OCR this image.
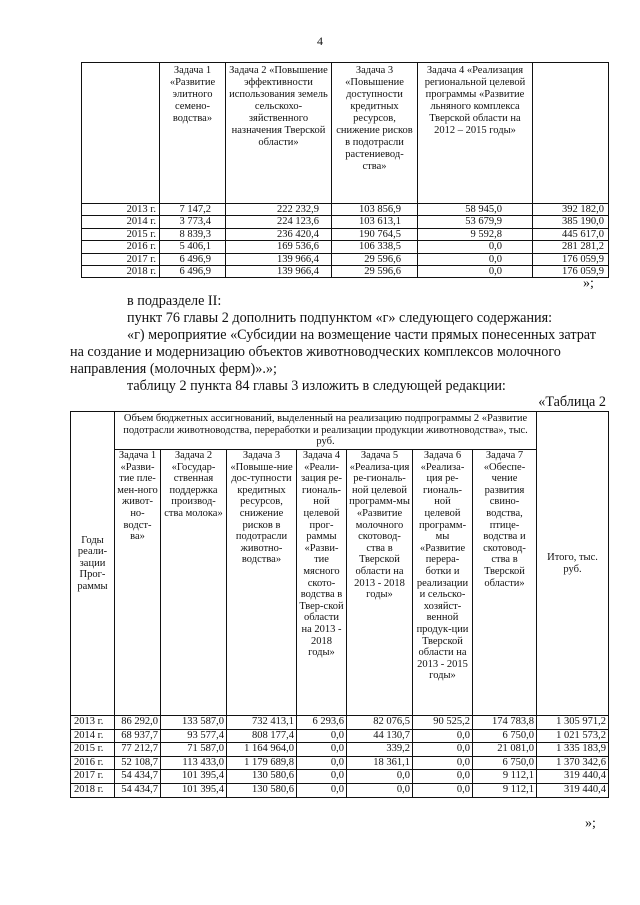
4
	Задача 1 «Развитие элитного семено-водства»	Задача 2 «Повышение эффективности использования земель сельскохо-зяйственного назначения Тверской области»	Задача 3 «Повышение доступности кредитных ресурсов, снижение рисков в подотрасли растениевод-ства»	Задача 4 «Реализация региональной целевой программы «Развитие льняного комплекса Тверской области на 2012 – 2015 годы»	
2013 г.	7 147,2	222 232,9	103 856,9	58 945,0	392 182,0
2014 г.	3 773,4	224 123,6	103 613,1	53 679,9	385 190,0
2015 г.	8 839,3	236 420,4	190 764,5	9 592,8	445 617,0
2016 г.	5 406,1	169 536,6	106 338,5	0,0	281 281,2
2017 г.	6 496,9	139 966,4	29 596,6	0,0	176 059,9
2018 г.	6 496,9	139 966,4	29 596,6	0,0	176 059,9
»;
в подразделе II:
пункт 76 главы 2 дополнить подпунктом «г» следующего содержания:
«г) мероприятие «Субсидии на возмещение части прямых понесенных затрат на создание и модернизацию объектов животноводческих комплексов молочного направления (молочных ферм)».»;
таблицу 2 пункта 84 главы 3 изложить в следующей редакции:
«Таблица 2
Годы реали-зации Прог-раммы	Объем бюджетных ассигнований, выделенный на реализацию подпрограммы 2 «Развитие подотрасли животноводства, переработки и реализации продукции животноводства», тыс. руб.							Итого, тыс. руб.
	Задача 1 «Разви-тие пле-мен-ного живот-но-водст-ва»	Задача 2 «Государ-ственная поддержка производ-ства молока»	Задача 3 «Повыше-ние дос-тупности кредитных ресурсов, снижение рисков в подотрасли животно-водства»	Задача 4 «Реали-зация ре-гиональ-ной целевой прог-раммы «Разви-тие мясного ското-водства в Твер-ской области на 2013 - 2018 годы»	Задача 5 «Реализа-ция ре-гиональ-ной целевой программ-мы «Развитие молочного скотовод-ства в Тверской области на 2013 - 2018 годы»	Задача 6 «Реализа-ция ре-гиональ-ной целевой программ-мы «Развитие перера-ботки и реализации и сельско-хозяйст-венной продук-ции Тверской области на 2013 - 2015 годы»	Задача 7 «Обеспе-чение развития свино-водства, птице-водства и скотовод-ства в Тверской области»	
2013 г.	86 292,0	133 587,0	732 413,1	6 293,6	82 076,5	90 525,2	174 783,8	1 305 971,2
2014 г.	68 937,7	93 577,4	808 177,4	0,0	44 130,7	0,0	6 750,0	1 021 573,2
2015 г.	77 212,7	71 587,0	1 164 964,0	0,0	339,2	0,0	21 081,0	1 335 183,9
2016 г.	52 108,7	113 433,0	1 179 689,8	0,0	18 361,1	0,0	6 750,0	1 370 342,6
2017 г.	54 434,7	101 395,4	130 580,6	0,0	0,0	0,0	9 112,1	319 440,4
2018 г.	54 434,7	101 395,4	130 580,6	0,0	0,0	0,0	9 112,1	319 440,4
»;
